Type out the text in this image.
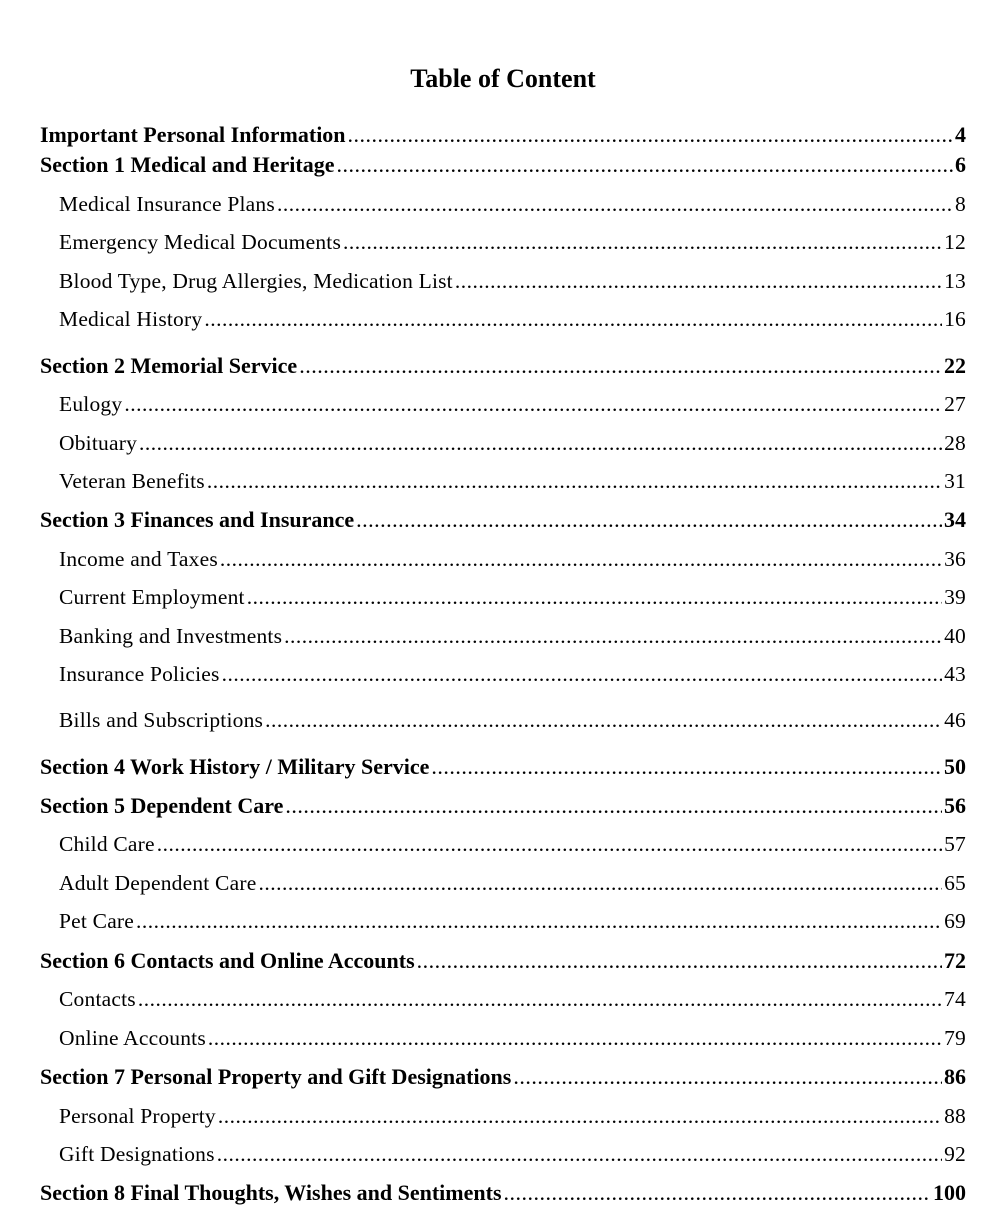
Table of Content
Important Personal Information .....	4
Section 1 Medical and Heritage .....	6
Medical Insurance Plans .....	8
Emergency Medical Documents .....	12
Blood Type, Drug Allergies, Medication List .....	13
Medical History .....	16
Section 2 Memorial Service .....	22
Eulogy .....	27
Obituary .....	28
Veteran Benefits .....	31
Section 3 Finances and Insurance .....	34
Income and Taxes .....	36
Current Employment .....	39
Banking and Investments .....	40
Insurance Policies .....	43
Bills and Subscriptions .....	46
Section 4 Work History / Military Service .....	50
Section 5 Dependent Care .....	56
Child Care .....	57
Adult Dependent Care .....	65
Pet Care .....	69
Section 6 Contacts and Online Accounts .....	72
Contacts .....	74
Online Accounts .....	79
Section 7 Personal Property and Gift Designations .....	86
Personal Property .....	88
Gift Designations .....	92
Section 8 Final Thoughts, Wishes and Sentiments .....	100
